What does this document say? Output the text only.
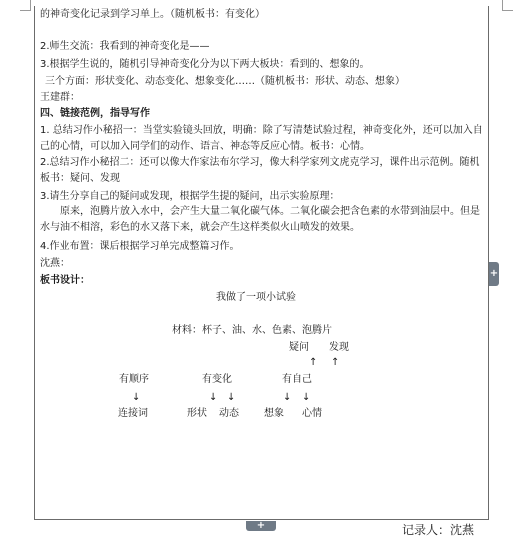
的神奇变化记录到学习单上。（随机板书：有变化）
2.师生交流：我看到的神奇变化是——
3.根据学生说的，随机引导神奇变化分为以下两大板块：看到的、想象的。
三个方面：形状变化、动态变化、想象变化……（随机板书：形状、动态、想象）
王建群：
四、链接范例，指导写作
1. 总结习作小秘招一：当堂实验镜头回放，明确：除了写清楚试验过程，神奇变化外，还可以加入自己的心情，可以加入同学们的动作、语言、神态等反应心情。板书：心情。
2.总结习作小秘招二：还可以像大作家法布尔学习，像大科学家列文虎克学习，课件出示范例。随机板书：疑问、发现
3.请生分享自己的疑问或发现，根据学生提的疑问，出示实验原理：
原来，泡腾片放入水中，会产生大量二氧化碳气体。二氧化碳会把含色素的水带到油层中。但是水与油不相溶，彩色的水又落下来，就会产生这样类似火山喷发的效果。
4.作业布置：课后根据学习单完成整篇习作。
沈燕：
板书设计：
我做了一项小试验
材料：杯子、油、水、色素、泡腾片
疑问 发现
↑ ↑
有顺序	有变化	有自己
↓	↓ ↓	↓ ↓
连接词	形状 动态	想象 心情
+
+	记录人：沈燕
